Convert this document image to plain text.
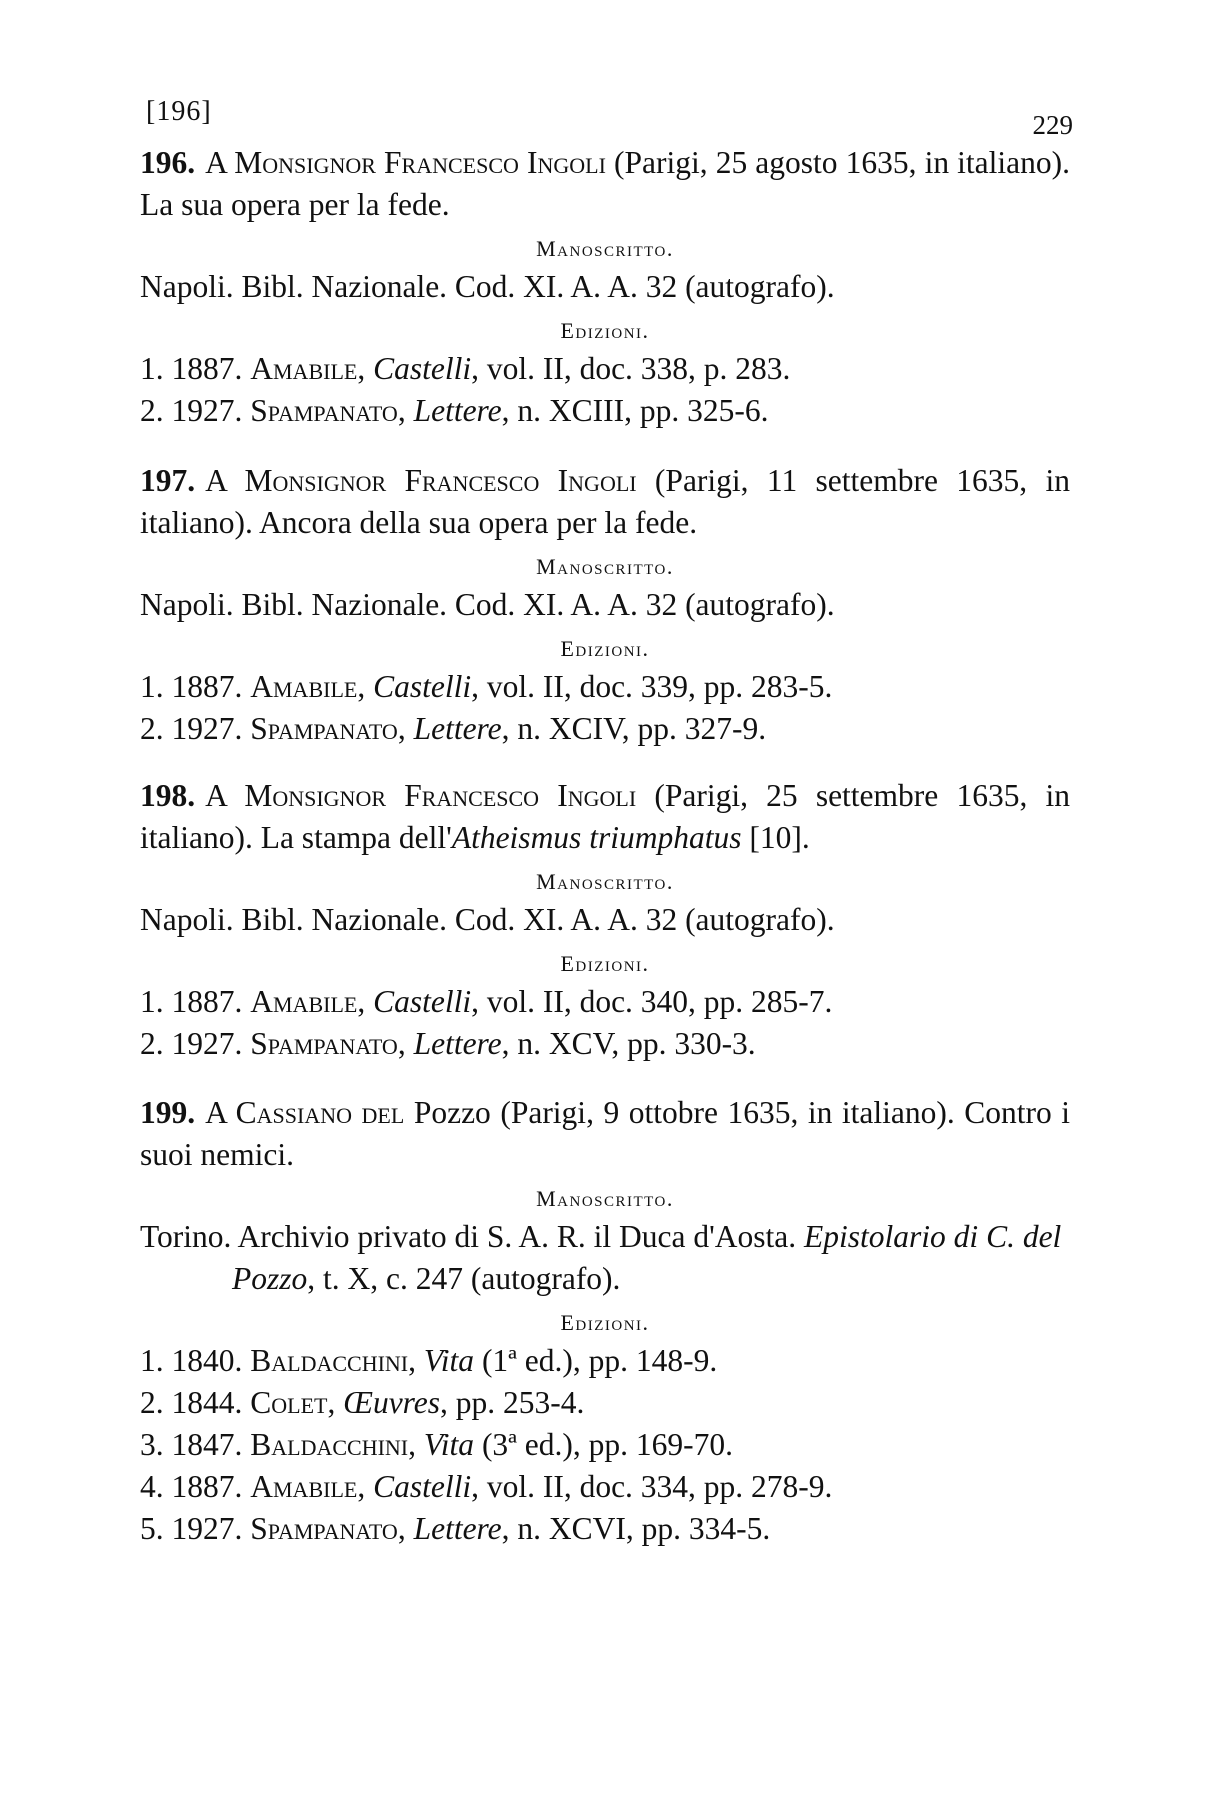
[196]	229
196. A Monsignor Francesco Ingoli (Parigi, 25 agosto 1635, in italiano). La sua opera per la fede.
Manoscritto.
Napoli. Bibl. Nazionale. Cod. XI. A. A. 32 (autografo).
Edizioni.
1. 1887. Amabile, Castelli, vol. II, doc. 338, p. 283.
2. 1927. Spampanato, Lettere, n. XCIII, pp. 325-6.
197. A Monsignor Francesco Ingoli (Parigi, 11 settembre 1635, in italiano). Ancora della sua opera per la fede.
Manoscritto.
Napoli. Bibl. Nazionale. Cod. XI. A. A. 32 (autografo).
Edizioni.
1. 1887. Amabile, Castelli, vol. II, doc. 339, pp. 283-5.
2. 1927. Spampanato, Lettere, n. XCIV, pp. 327-9.
198. A Monsignor Francesco Ingoli (Parigi, 25 settembre 1635, in italiano). La stampa dell'Atheismus triumphatus [10].
Manoscritto.
Napoli. Bibl. Nazionale. Cod. XI. A. A. 32 (autografo).
Edizioni.
1. 1887. Amabile, Castelli, vol. II, doc. 340, pp. 285-7.
2. 1927. Spampanato, Lettere, n. XCV, pp. 330-3.
199. A Cassiano del Pozzo (Parigi, 9 ottobre 1635, in italiano). Contro i suoi nemici.
Manoscritto.
Torino. Archivio privato di S. A. R. il Duca d'Aosta. Epistolario di C. del Pozzo, t. X, c. 247 (autografo).
Edizioni.
1. 1840. Baldacchini, Vita (1ª ed.), pp. 148-9.
2. 1844. Colet, Œuvres, pp. 253-4.
3. 1847. Baldacchini, Vita (3ª ed.), pp. 169-70.
4. 1887. Amabile, Castelli, vol. II, doc. 334, pp. 278-9.
5. 1927. Spampanato, Lettere, n. XCVI, pp. 334-5.
